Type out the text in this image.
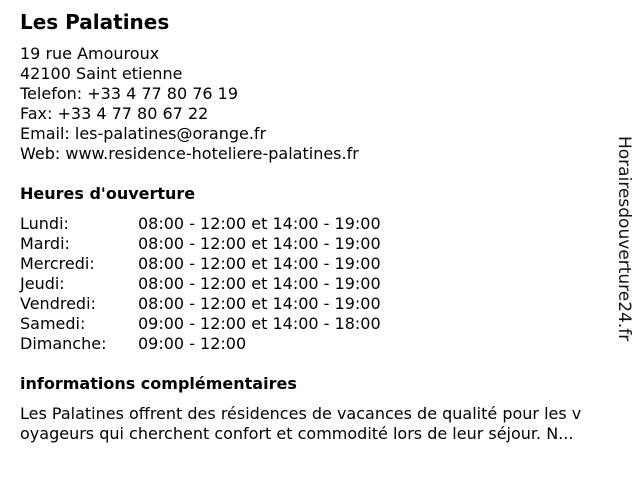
Les Palatines
19 rue Amouroux
42100 Saint etienne
Telefon: +33 4 77 80 76 19
Fax: +33 4 77 80 67 22
Email: les-palatines@orange.fr
Web: www.residence-hoteliere-palatines.fr
Heures d'ouverture
Lundi:	08:00 - 12:00 et 14:00 - 19:00
Mardi:	08:00 - 12:00 et 14:00 - 19:00
Mercredi:	08:00 - 12:00 et 14:00 - 19:00
Jeudi:	08:00 - 12:00 et 14:00 - 19:00
Vendredi:	08:00 - 12:00 et 14:00 - 19:00
Samedi:	09:00 - 12:00 et 14:00 - 18:00
Dimanche: 09:00 - 12:00
informations complémentaires
Les Palatines offrent des résidences de vacances de qualité pour les v
oyageurs qui cherchent confort et commodité lors de leur séjour. N...
Horairesdouverture24.fr
